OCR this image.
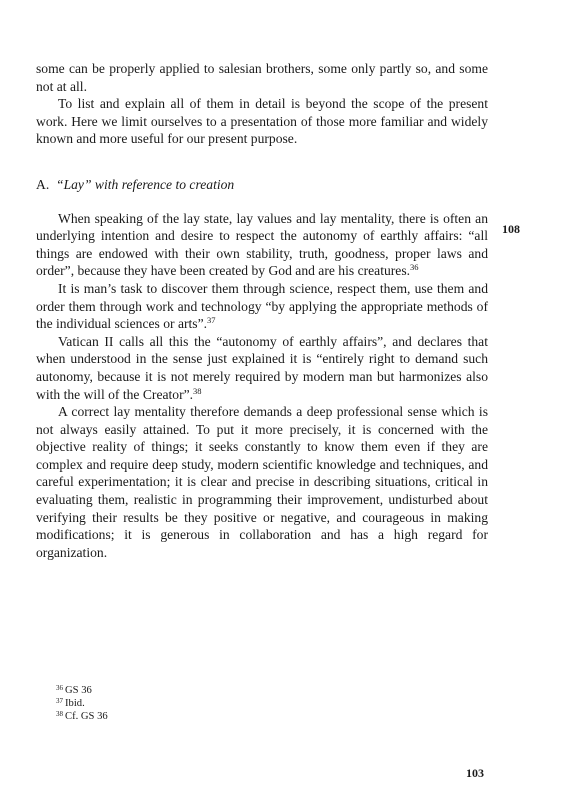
some can be properly applied to salesian brothers, some only partly so, and some not at all.

To list and explain all of them in detail is beyond the scope of the present work. Here we limit ourselves to a presentation of those more familiar and widely known and more useful for our present purpose.

A. “Lay” with reference to creation

When speaking of the lay state, lay values and lay mentality, there is often an underlying intention and desire to respect the autonomy of earthly affairs: “all things are endowed with their own stability, truth, goodness, proper laws and order”, because they have been created by God and are his creatures.$^{36}$

It is man’s task to discover them through science, respect them, use them and order them through work and technology “by applying the appropriate methods of the individual sciences or arts”.$^{37}$

Vatican II calls all this the “autonomy of earthly affairs”, and declares that when understood in the sense just explained it is “entirely right to demand such autonomy, because it is not merely required by modern man but harmonizes also with the will of the Creator”.$^{38}$

A correct lay mentality therefore demands a deep professional sense which is not always easily attained. To put it more precisely, it is concerned with the objective reality of things; it seeks constantly to know them even if they are complex and require deep study, modern scientific knowledge and techniques, and careful experimentation; it is clear and precise in describing situations, critical in evaluating them, realistic in programming their improvement, undisturbed about verifying their results be they positive or negative, and courageous in making modifications; it is generous in collaboration and has a high regard for organization.

108
$^{36}$ GS 36
$^{37}$ Ibid.
$^{38}$ Cf. GS 36
103
